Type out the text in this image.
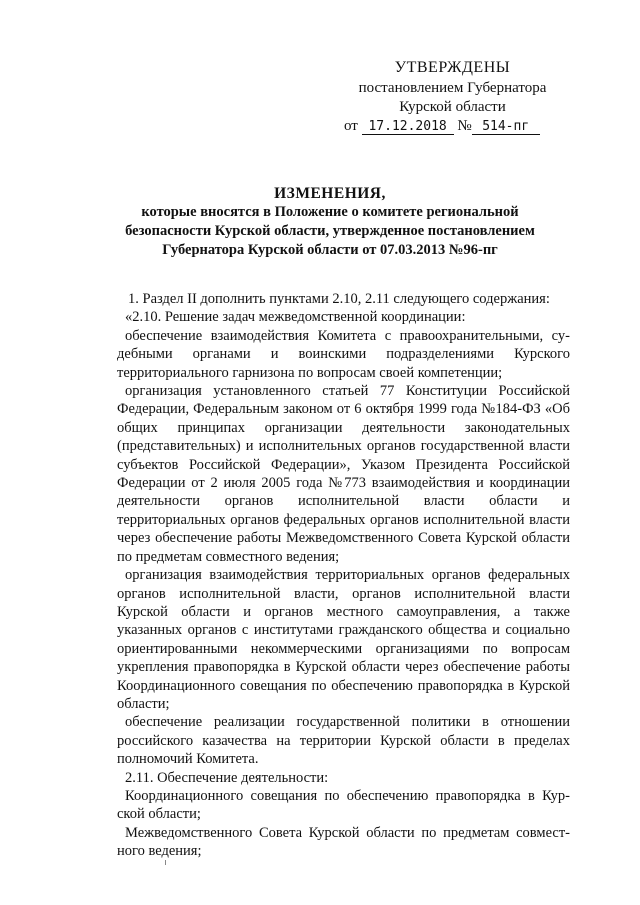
УТВЕРЖДЕНЫ
постановлением Губернатора
Курской области
от 17.12.2018 № 514-пг
ИЗМЕНЕНИЯ,
которые вносятся в Положение о комитете региональной
безопасности Курской области, утвержденное постановлением
Губернатора Курской области от 07.03.2013 №96-пг

1. Раздел II дополнить пунктами 2.10, 2.11 следующего содержания:

«2.10. Решение задач межведомственной координации:

обеспечение взаимодействия Комитета с правоохранительными, судебными органами и воинскими подразделениями Курского территориального гарнизона по вопросам своей компетенции;

организация установленного статьей 77 Конституции Российской Федерации, Федеральным законом от 6 октября 1999 года №184-ФЗ «Об общих принципах организации деятельности законодательных (представительных) и исполнительных органов государственной власти субъектов Российской Федерации», Указом Президента Российской Федерации от 2 июля 2005 года №773 взаимодействия и координации деятельности органов исполнительной власти области и территориальных органов федеральных органов исполнительной власти через обеспечение работы Межведомственного Совета Курской области по предметам совместного ведения;

организация взаимодействия территориальных органов федеральных органов исполнительной власти, органов исполнительной власти Курской области и органов местного самоуправления, а также указанных органов с институтами гражданского общества и социально ориентированными некоммерческими организациями по вопросам укрепления правопорядка в Курской области через обеспечение работы Координационного совещания по обеспечению правопорядка в Курской области;

обеспечение реализации государственной политики в отношении российского казачества на территории Курской области в пределах полномочий Комитета.

2.11. Обеспечение деятельности:

Координационного совещания по обеспечению правопорядка в Курской области;

Межведомственного Совета Курской области по предметам совместного ведения;
